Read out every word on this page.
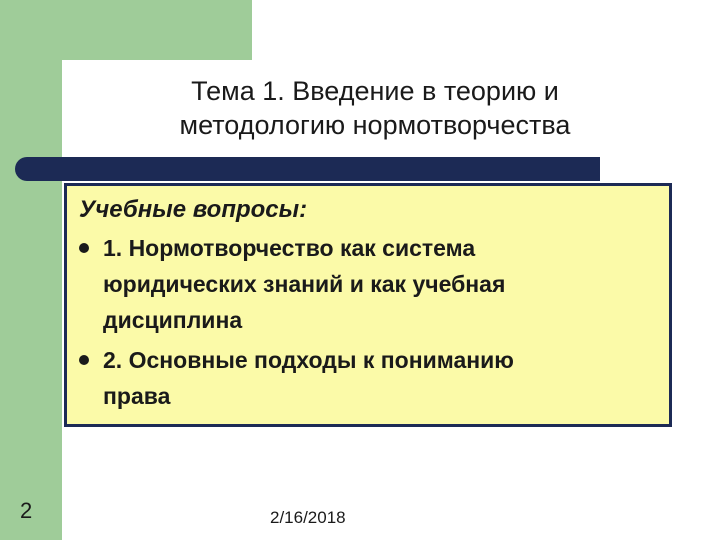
Тема 1. Введение в теорию и
методологию нормотворчества
Учебные вопросы:
1. Нормотворчество как система
юридических знаний и как учебная
дисциплина
2. Основные подходы к пониманию
права
2	2/16/2018
